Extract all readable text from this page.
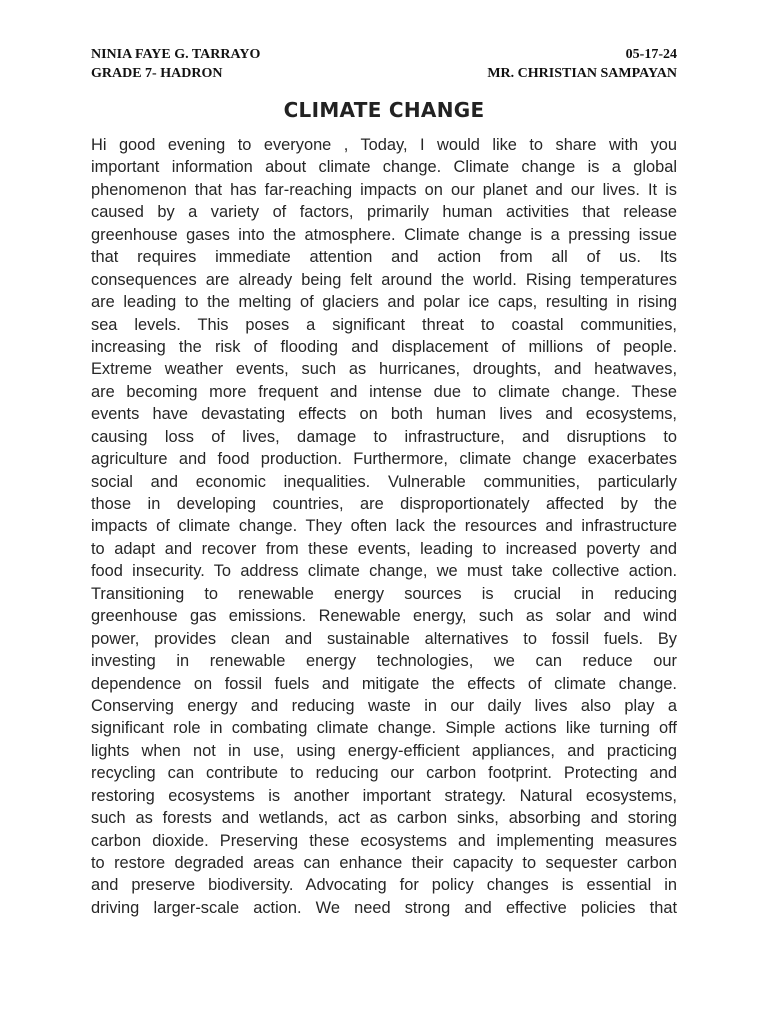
NINIA FAYE G. TARRAYO	05-17-24
GRADE 7- HADRON	MR. CHRISTIAN SAMPAYAN
CLIMATE CHANGE
Hi good evening to everyone , Today, I would like to share with you
important information about climate change. Climate change is a global
phenomenon that has far-reaching impacts on our planet and our lives. It is
caused by a variety of factors, primarily human activities that release
greenhouse gases into the atmosphere. Climate change is a pressing issue
that requires immediate attention and action from all of us. Its
consequences are already being felt around the world. Rising temperatures
are leading to the melting of glaciers and polar ice caps, resulting in rising
sea levels. This poses a significant threat to coastal communities,
increasing the risk of flooding and displacement of millions of people.
Extreme weather events, such as hurricanes, droughts, and heatwaves,
are becoming more frequent and intense due to climate change. These
events have devastating effects on both human lives and ecosystems,
causing loss of lives, damage to infrastructure, and disruptions to
agriculture and food production. Furthermore, climate change exacerbates
social and economic inequalities. Vulnerable communities, particularly
those in developing countries, are disproportionately affected by the
impacts of climate change. They often lack the resources and infrastructure
to adapt and recover from these events, leading to increased poverty and
food insecurity. To address climate change, we must take collective action.
Transitioning to renewable energy sources is crucial in reducing
greenhouse gas emissions. Renewable energy, such as solar and wind
power, provides clean and sustainable alternatives to fossil fuels. By
investing in renewable energy technologies, we can reduce our
dependence on fossil fuels and mitigate the effects of climate change.
Conserving energy and reducing waste in our daily lives also play a
significant role in combating climate change. Simple actions like turning off
lights when not in use, using energy-efficient appliances, and practicing
recycling can contribute to reducing our carbon footprint. Protecting and
restoring ecosystems is another important strategy. Natural ecosystems,
such as forests and wetlands, act as carbon sinks, absorbing and storing
carbon dioxide. Preserving these ecosystems and implementing measures
to restore degraded areas can enhance their capacity to sequester carbon
and preserve biodiversity. Advocating for policy changes is essential in
driving larger-scale action. We need strong and effective policies that
